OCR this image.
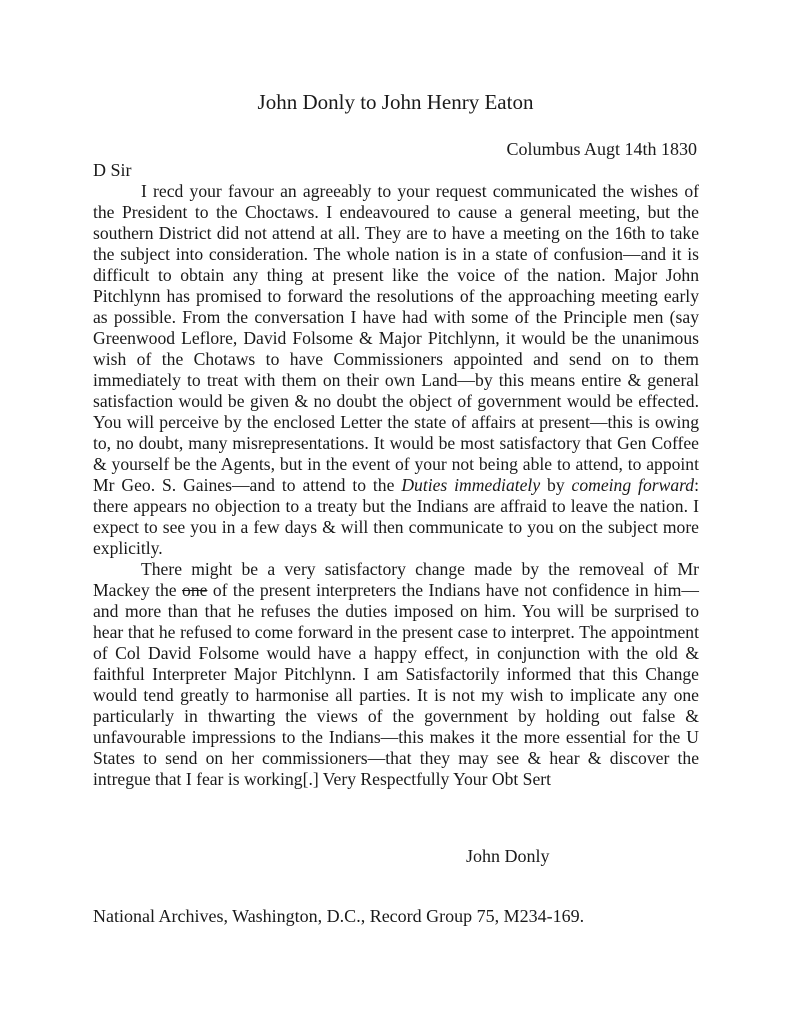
John Donly to John Henry Eaton
Columbus Augt 14th 1830
D Sir

I recd your favour an agreeably to your request communicated the wishes of the President to the Choctaws. I endeavoured to cause a general meeting, but the southern District did not attend at all. They are to have a meeting on the 16th to take the subject into consideration. The whole nation is in a state of confusion—and it is difficult to obtain any thing at present like the voice of the nation. Major John Pitchlynn has promised to forward the resolutions of the approaching meeting early as possible. From the conversation I have had with some of the Principle men (say Greenwood Leflore, David Folsome & Major Pitchlynn, it would be the unanimous wish of the Chotaws to have Commissioners appointed and send on to them immediately to treat with them on their own Land—by this means entire & general satisfaction would be given & no doubt the object of government would be effected. You will perceive by the enclosed Letter the state of affairs at present—this is owing to, no doubt, many misrepresentations. It would be most satisfactory that Gen Coffee & yourself be the Agents, but in the event of your not being able to attend, to appoint Mr Geo. S. Gaines—and to attend to the Duties immediately by comeing forward: there appears no objection to a treaty but the Indians are affraid to leave the nation. I expect to see you in a few days & will then communicate to you on the subject more explicitly.

There might be a very satisfactory change made by the removeal of Mr Mackey the one of the present interpreters the Indians have not confidence in him—and more than that he refuses the duties imposed on him. You will be surprised to hear that he refused to come forward in the present case to interpret. The appointment of Col David Folsome would have a happy effect, in conjunction with the old & faithful Interpreter Major Pitchlynn. I am Satisfactorily informed that this Change would tend greatly to harmonise all parties. It is not my wish to implicate any one particularly in thwarting the views of the government by holding out false & unfavourable impressions to the Indians—this makes it the more essential for the U States to send on her commissioners—that they may see & hear & discover the intregue that I fear is working[.] Very Respectfully Your Obt Sert

John Donly
National Archives, Washington, D.C., Record Group 75, M234-169.
